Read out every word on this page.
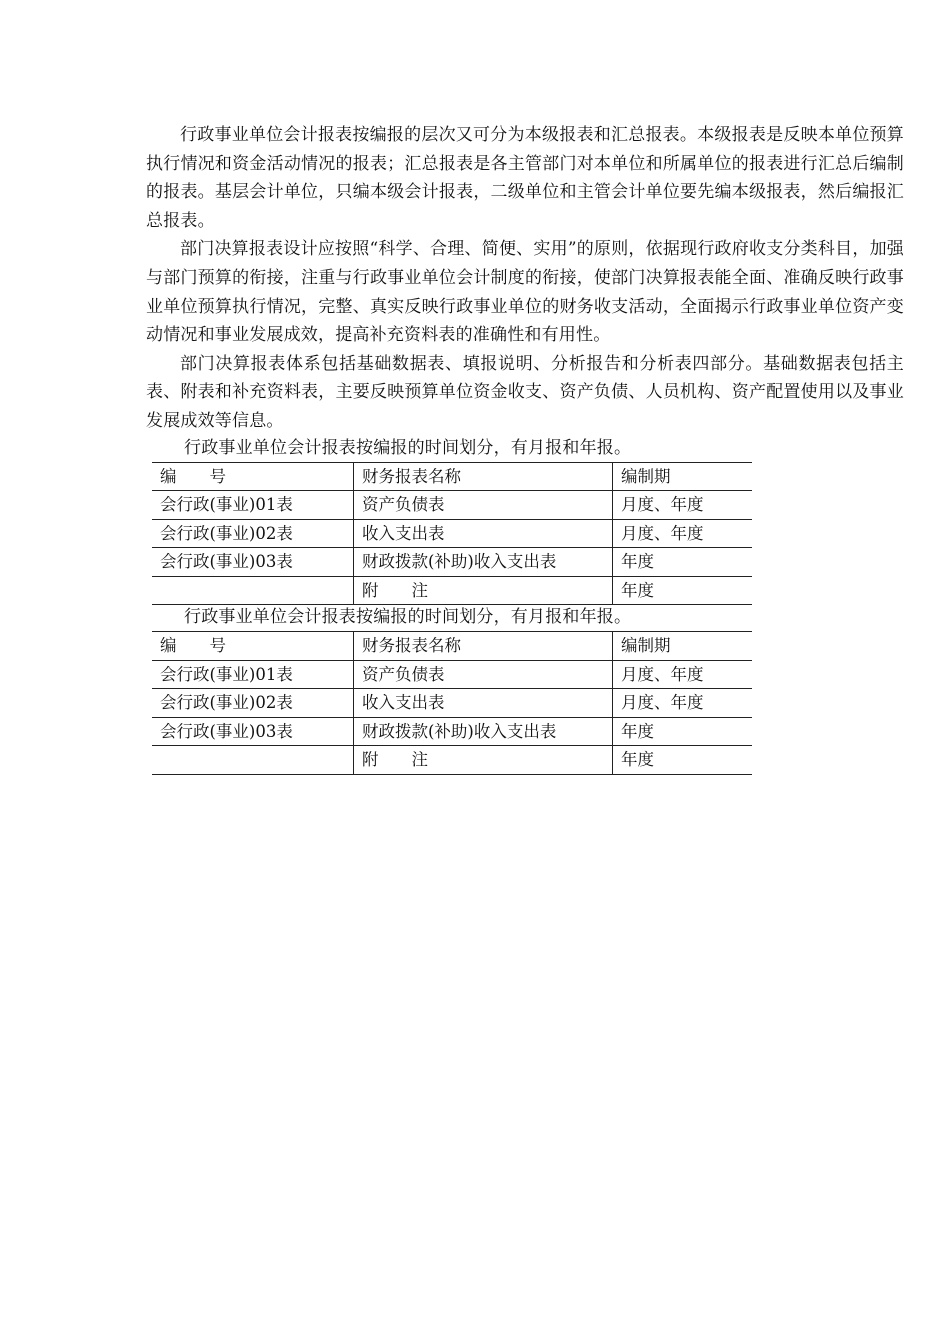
行政事业单位会计报表按编报的层次又可分为本级报表和汇总报表。本级报表是反映本单位预算执行情况和资金活动情况的报表；汇总报表是各主管部门对本单位和所属单位的报表进行汇总后编制的报表。基层会计单位，只编本级会计报表，二级单位和主管会计单位要先编本级报表，然后编报汇总报表。

部门决算报表设计应按照“科学、合理、简便、实用”的原则，依据现行政府收支分类科目，加强与部门预算的衔接，注重与行政事业单位会计制度的衔接，使部门决算报表能全面、准确反映行政事业单位预算执行情况，完整、真实反映行政事业单位的财务收支活动，全面揭示行政事业单位资产变动情况和事业发展成效，提高补充资料表的准确性和有用性。

部门决算报表体系包括基础数据表、填报说明、分析报告和分析表四部分。基础数据表包括主表、附表和补充资料表，主要反映预算单位资金收支、资产负债、人员机构、资产配置使用以及事业发展成效等信息。

行政事业单位会计报表按编报的时间划分，有月报和年报。
编　　号	财务报表名称	编制期
会行政(事业)01表	资产负债表	月度、年度
会行政(事业)02表	收入支出表	月度、年度
会行政(事业)03表	财政拨款(补助)收入支出表	年度
	附　　注	年度
行政事业单位会计报表按编报的时间划分，有月报和年报。
编　　号	财务报表名称	编制期
会行政(事业)01表	资产负债表	月度、年度
会行政(事业)02表	收入支出表	月度、年度
会行政(事业)03表	财政拨款(补助)收入支出表	年度
	附　　注	年度
